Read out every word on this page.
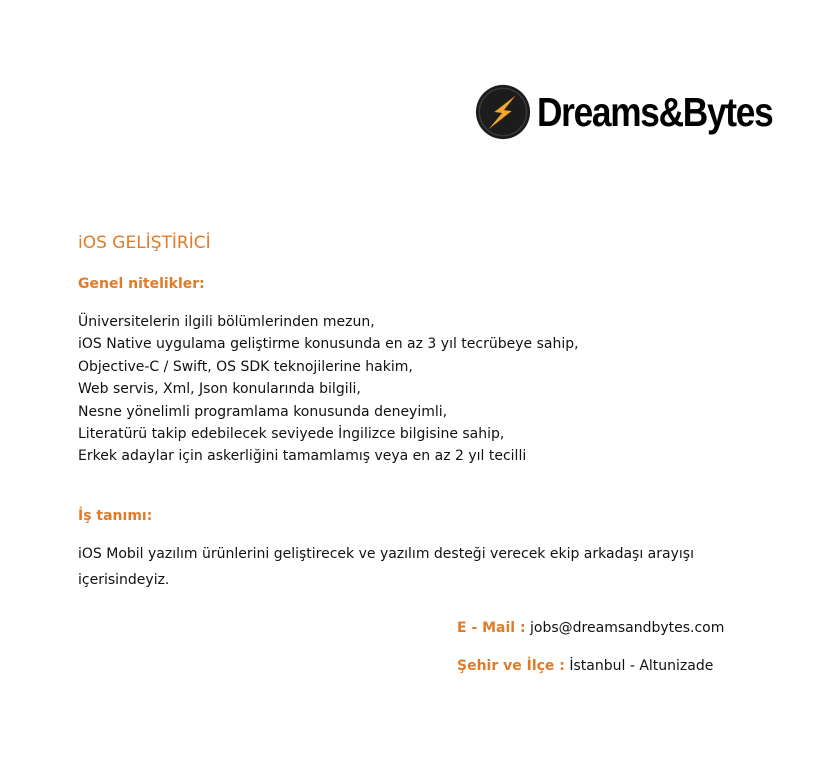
Dreams&Bytes
iOS GELİŞTİRİCİ
Genel nitelikler:
Üniversitelerin ilgili bölümlerinden mezun,
iOS Native uygulama geliştirme konusunda en az 3 yıl tecrübeye sahip,
Objective-C / Swift, OS SDK teknojilerine hakim,
Web servis, Xml, Json konularında bilgili,
Nesne yönelimli programlama konusunda deneyimli,
Literatürü takip edebilecek seviyede İngilizce bilgisine sahip,
Erkek adaylar için askerliğini tamamlamış veya en az 2 yıl tecilli
İş tanımı:

iOS Mobil yazılım ürünlerini geliştirecek ve yazılım desteği verecek ekip arkadaşı arayışı içerisindeyiz.

E - Mail : jobs@dreamsandbytes.com

Şehir ve İlçe : İstanbul - Altunizade
